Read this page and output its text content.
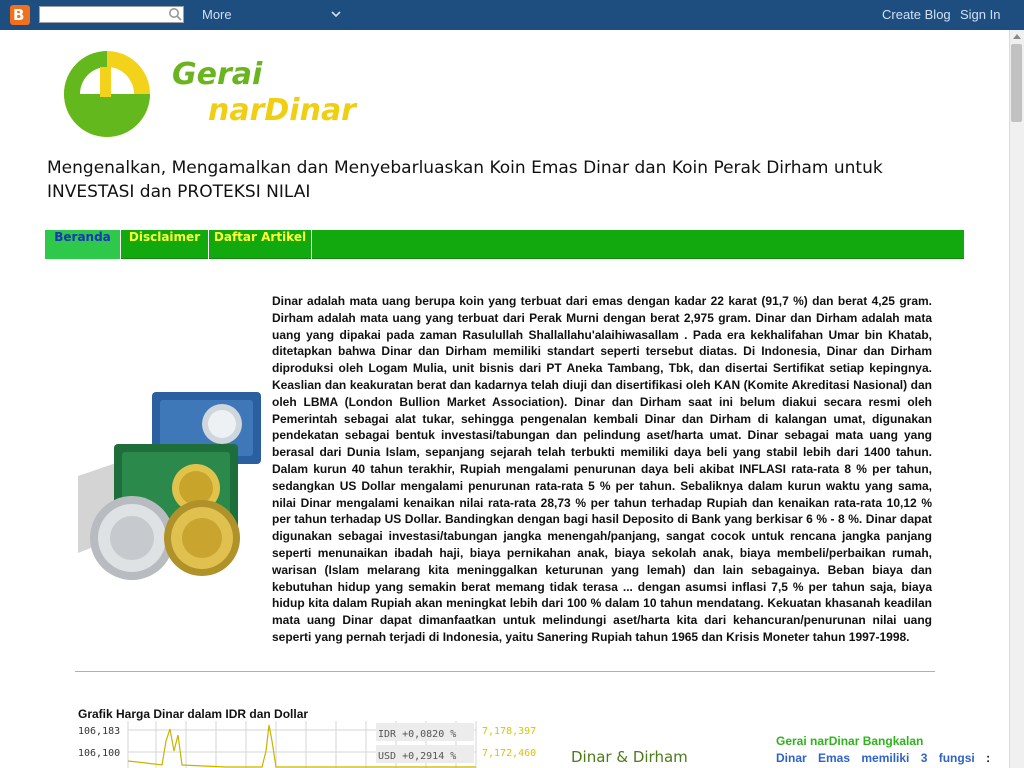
B	More	Create Blog Sign In
Gerai
narDinar
Mengenalkan, Mengamalkan dan Menyebarluaskan Koin Emas Dinar dan Koin Perak Dirham untuk INVESTASI dan PROTEKSI NILAI
Beranda	Disclaimer	Daftar Artikel
Dinar adalah mata uang berupa koin yang terbuat dari emas dengan kadar 22 karat (91,7 %) dan berat 4,25 gram. Dirham adalah mata uang yang terbuat dari Perak Murni dengan berat 2,975 gram. Dinar dan Dirham adalah mata uang yang dipakai pada zaman Rasulullah Shallallahu'alaihiwasallam . Pada era kekhalifahan Umar bin Khatab, ditetapkan bahwa Dinar dan Dirham memiliki standart seperti tersebut diatas. Di Indonesia, Dinar dan Dirham diproduksi oleh Logam Mulia, unit bisnis dari PT Aneka Tambang, Tbk, dan disertai Sertifikat setiap kepingnya. Keaslian dan keakuratan berat dan kadarnya telah diuji dan disertifikasi oleh KAN (Komite Akreditasi Nasional) dan oleh LBMA (London Bullion Market Association). Dinar dan Dirham saat ini belum diakui secara resmi oleh Pemerintah sebagai alat tukar, sehingga pengenalan kembali Dinar dan Dirham di kalangan umat, digunakan pendekatan sebagai bentuk investasi/tabungan dan pelindung aset/harta umat. Dinar sebagai mata uang yang berasal dari Dunia Islam, sepanjang sejarah telah terbukti memiliki daya beli yang stabil lebih dari 1400 tahun. Dalam kurun 40 tahun terakhir, Rupiah mengalami penurunan daya beli akibat INFLASI rata-rata 8 % per tahun, sedangkan US Dollar mengalami penurunan rata-rata 5 % per tahun. Sebaliknya dalam kurun waktu yang sama, nilai Dinar mengalami kenaikan nilai rata-rata 28,73 % per tahun terhadap Rupiah dan kenaikan rata-rata 10,12 % per tahun terhadap US Dollar. Bandingkan dengan bagi hasil Deposito di Bank yang berkisar 6 % - 8 %. Dinar dapat digunakan sebagai investasi/tabungan jangka menengah/panjang, sangat cocok untuk rencana jangka panjang seperti menunaikan ibadah haji, biaya pernikahan anak, biaya sekolah anak, biaya membeli/perbaikan rumah, warisan (Islam melarang kita meninggalkan keturunan yang lemah) dan lain sebagainya. Beban biaya dan kebutuhan hidup yang semakin berat memang tidak terasa ... dengan asumsi inflasi 7,5 % per tahun saja, biaya hidup kita dalam Rupiah akan meningkat lebih dari 100 % dalam 10 tahun mendatang. Kekuatan khasanah keadilan mata uang Dinar dapat dimanfaatkan untuk melindungi aset/harta kita dari kehancuran/penurunan nilai uang seperti yang pernah terjadi di Indonesia, yaitu Sanering Rupiah tahun 1965 dan Krisis Moneter tahun 1997-1998.
Grafik Harga Dinar dalam IDR dan Dollar
106,183
106,100
IDR +0,0820 %
USD +0,2914 %
7,178,397
7,172,460 Dinar & Dirham
Gerai narDinar Bangkalan
Dinar Emas memiliki 3 fungsi :
